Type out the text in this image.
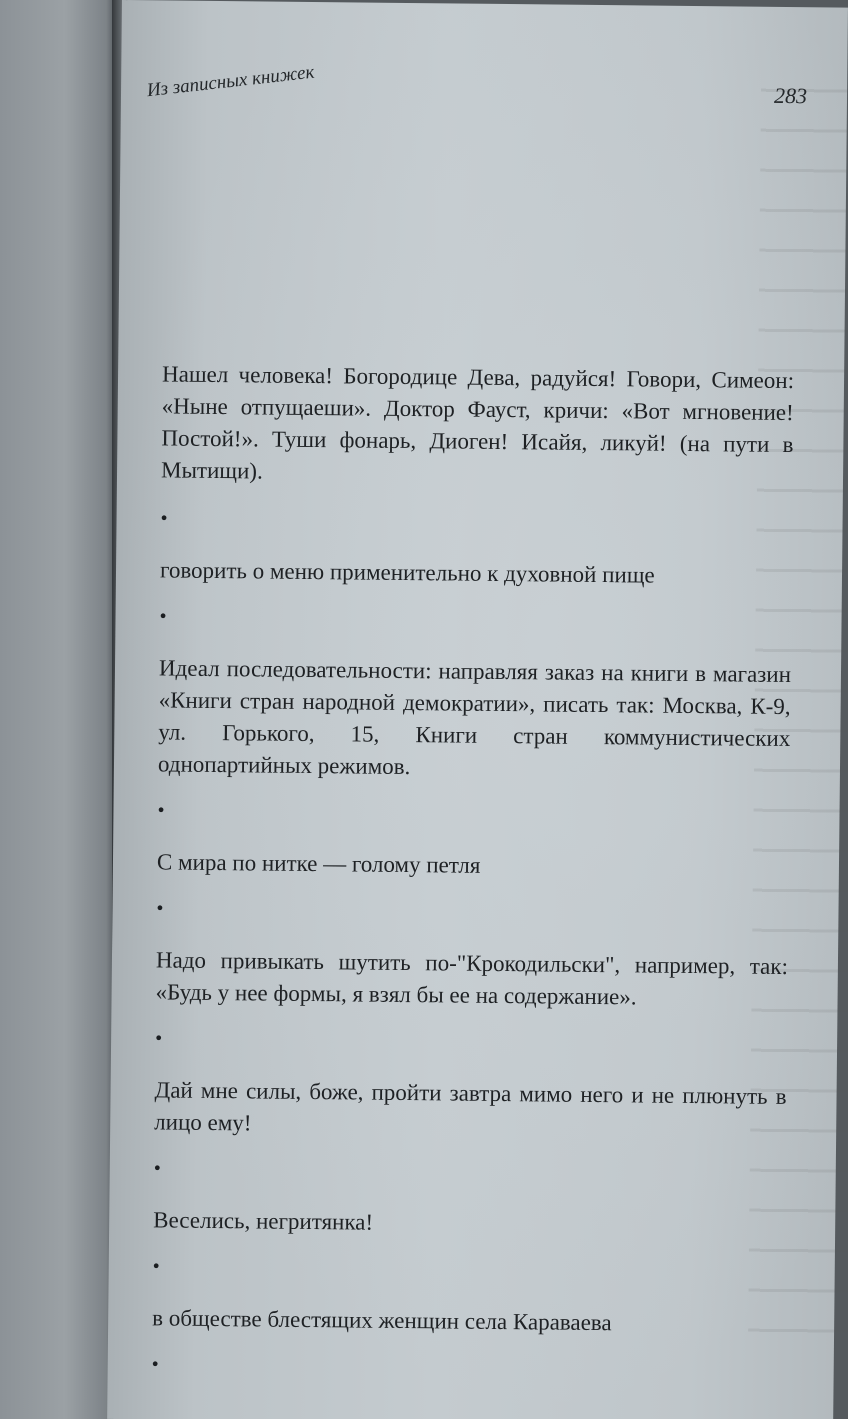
Из записных книжек	283

Нашел человека! Богородице Дева, радуйся! Говори, Симеон: «Ныне отпущаеши». Доктор Фауст, кричи: «Вот мгновение! Постой!». Туши фонарь, Диоген! Исайя, ликуй! (на пути в Мытищи).

•

говорить о меню применительно к духовной пище

•

Идеал последовательности: направляя заказ на книги в магазин «Книги стран народной демократии», писать так: Москва, К-9, ул. Горького, 15, Книги стран коммунистических однопартийных режимов.

•

С мира по нитке — голому петля

•

Надо привыкать шутить по-"Крокодильски", например, так: «Будь у нее формы, я взял бы ее на содержание».

•

Дай мне силы, боже, пройти завтра мимо него и не плюнуть в лицо ему!

•

Веселись, негритянка!

•

в обществе блестящих женщин села Караваева

•
